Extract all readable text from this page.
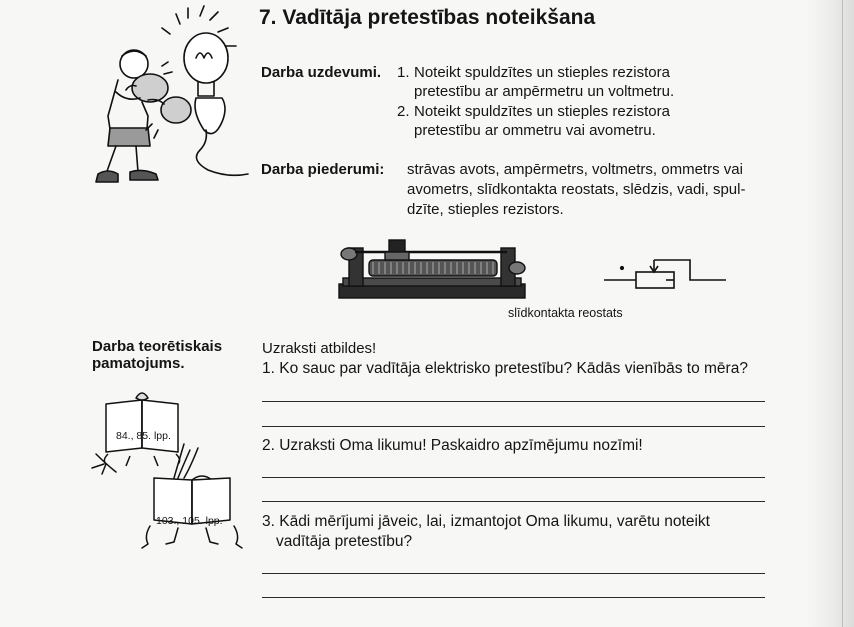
7. Vadītāja pretestības noteikšana
Darba uzdevumi. 1. Noteikt spuldzītes un stieples rezistora
pretestību ar ampērmetru un voltmetru.
2. Noteikt spuldzītes un stieples rezistora
pretestību ar ommetru vai avometru.
Darba piederumi: strāvas avots, ampērmetrs, voltmetrs, ommetrs vai
avometrs, slīdkontakta reostats, slēdzis, vadi, spul-
dzīte, stieples rezistors.
slīdkontakta reostats
Darba teorētiskais
pamatojums.
84., 85. lpp.
103., 105. lpp.
Uzraksti atbildes!
1. Ko sauc par vadītāja elektrisko pretestību? Kādās vienībās to mēra?
2. Uzraksti Oma likumu! Paskaidro apzīmējumu nozīmi!
3. Kādi mērījumi jāveic, lai, izmantojot Oma likumu, varētu noteikt
vadītāja pretestību?
